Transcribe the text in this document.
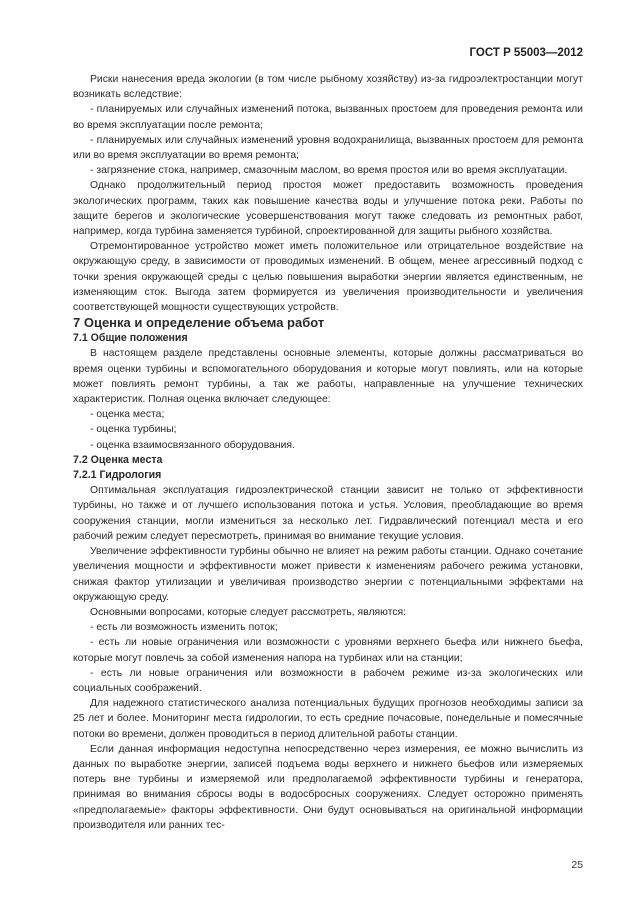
ГОСТ Р 55003—2012

Риски нанесения вреда экологии (в том числе рыбному хозяйству) из-за гидроэлектростанции могут возникать вследствие:

- планируемых или случайных изменений потока, вызванных простоем для проведения ремонта или во время эксплуатации после ремонта;

- планируемых или случайных изменений уровня водохранилища, вызванных простоем для ремонта или во время эксплуатации во время ремонта;

- загрязнение стока, например, смазочным маслом, во время простоя или во время эксплуатации.

Однако продолжительный период простоя может предоставить возможность проведения экологических программ, таких как повышение качества воды и улучшение потока реки. Работы по защите берегов и экологические усовершенствования могут также следовать из ремонтных работ, например, когда турбина заменяется турбиной, спроектированной для защиты рыбного хозяйства.

Отремонтированное устройство может иметь положительное или отрицательное воздействие на окружающую среду, в зависимости от проводимых изменений. В общем, менее агрессивный подход с точки зрения окружающей среды с целью повышения выработки энергии является единственным, не изменяющим сток. Выгода затем формируется из увеличения производительности и увеличения соответствующей мощности существующих устройств.

7 Оценка и определение объема работ

7.1 Общие положения

В настоящем разделе представлены основные элементы, которые должны рассматриваться во время оценки турбины и вспомогательного оборудования и которые могут повлиять, или на которые может повлиять ремонт турбины, а так же работы, направленные на улучшение технических характеристик. Полная оценка включает следующее:

- оценка места;

- оценка турбины;

- оценка взаимосвязанного оборудования.

7.2 Оценка места

7.2.1 Гидрология

Оптимальная эксплуатация гидроэлектрической станции зависит не только от эффективности турбины, но также и от лучшего использования потока и устья. Условия, преобладающие во время сооружения станции, могли измениться за несколько лет. Гидравлический потенциал места и его рабочий режим следует пересмотреть, принимая во внимание текущие условия.

Увеличение эффективности турбины обычно не влияет на режим работы станции. Однако сочетание увеличения мощности и эффективности может привести к изменениям рабочего режима установки, снижая фактор утилизации и увеличивая производство энергии с потенциальными эффектами на окружающую среду.

Основными вопросами, которые следует рассмотреть, являются:

- есть ли возможность изменить поток;

- есть ли новые ограничения или возможности с уровнями верхнего бьефа или нижнего бьефа, которые могут повлечь за собой изменения напора на турбинах или на станции;

- есть ли новые ограничения или возможности в рабочем режиме из-за экологических или социальных соображений.

Для надежного статистического анализа потенциальных будущих прогнозов необходимы записи за 25 лет и более. Мониторинг места гидрологии, то есть средние почасовые, понедельные и помесячные потоки во времени, должен проводиться в период длительной работы станции.

Если данная информация недоступна непосредственно через измерения, ее можно вычислить из данных по выработке энергии, записей подъема воды верхнего и нижнего бьефов или измеряемых потерь вне турбины и измеряемой или предполагаемой эффективности турбины и генератора, принимая во внимания сбросы воды в водосбросных сооружениях. Следует осторожно применять «предполагаемые» факторы эффективности. Они будут основываться на оригинальной информации производителя или ранних тес-

25
